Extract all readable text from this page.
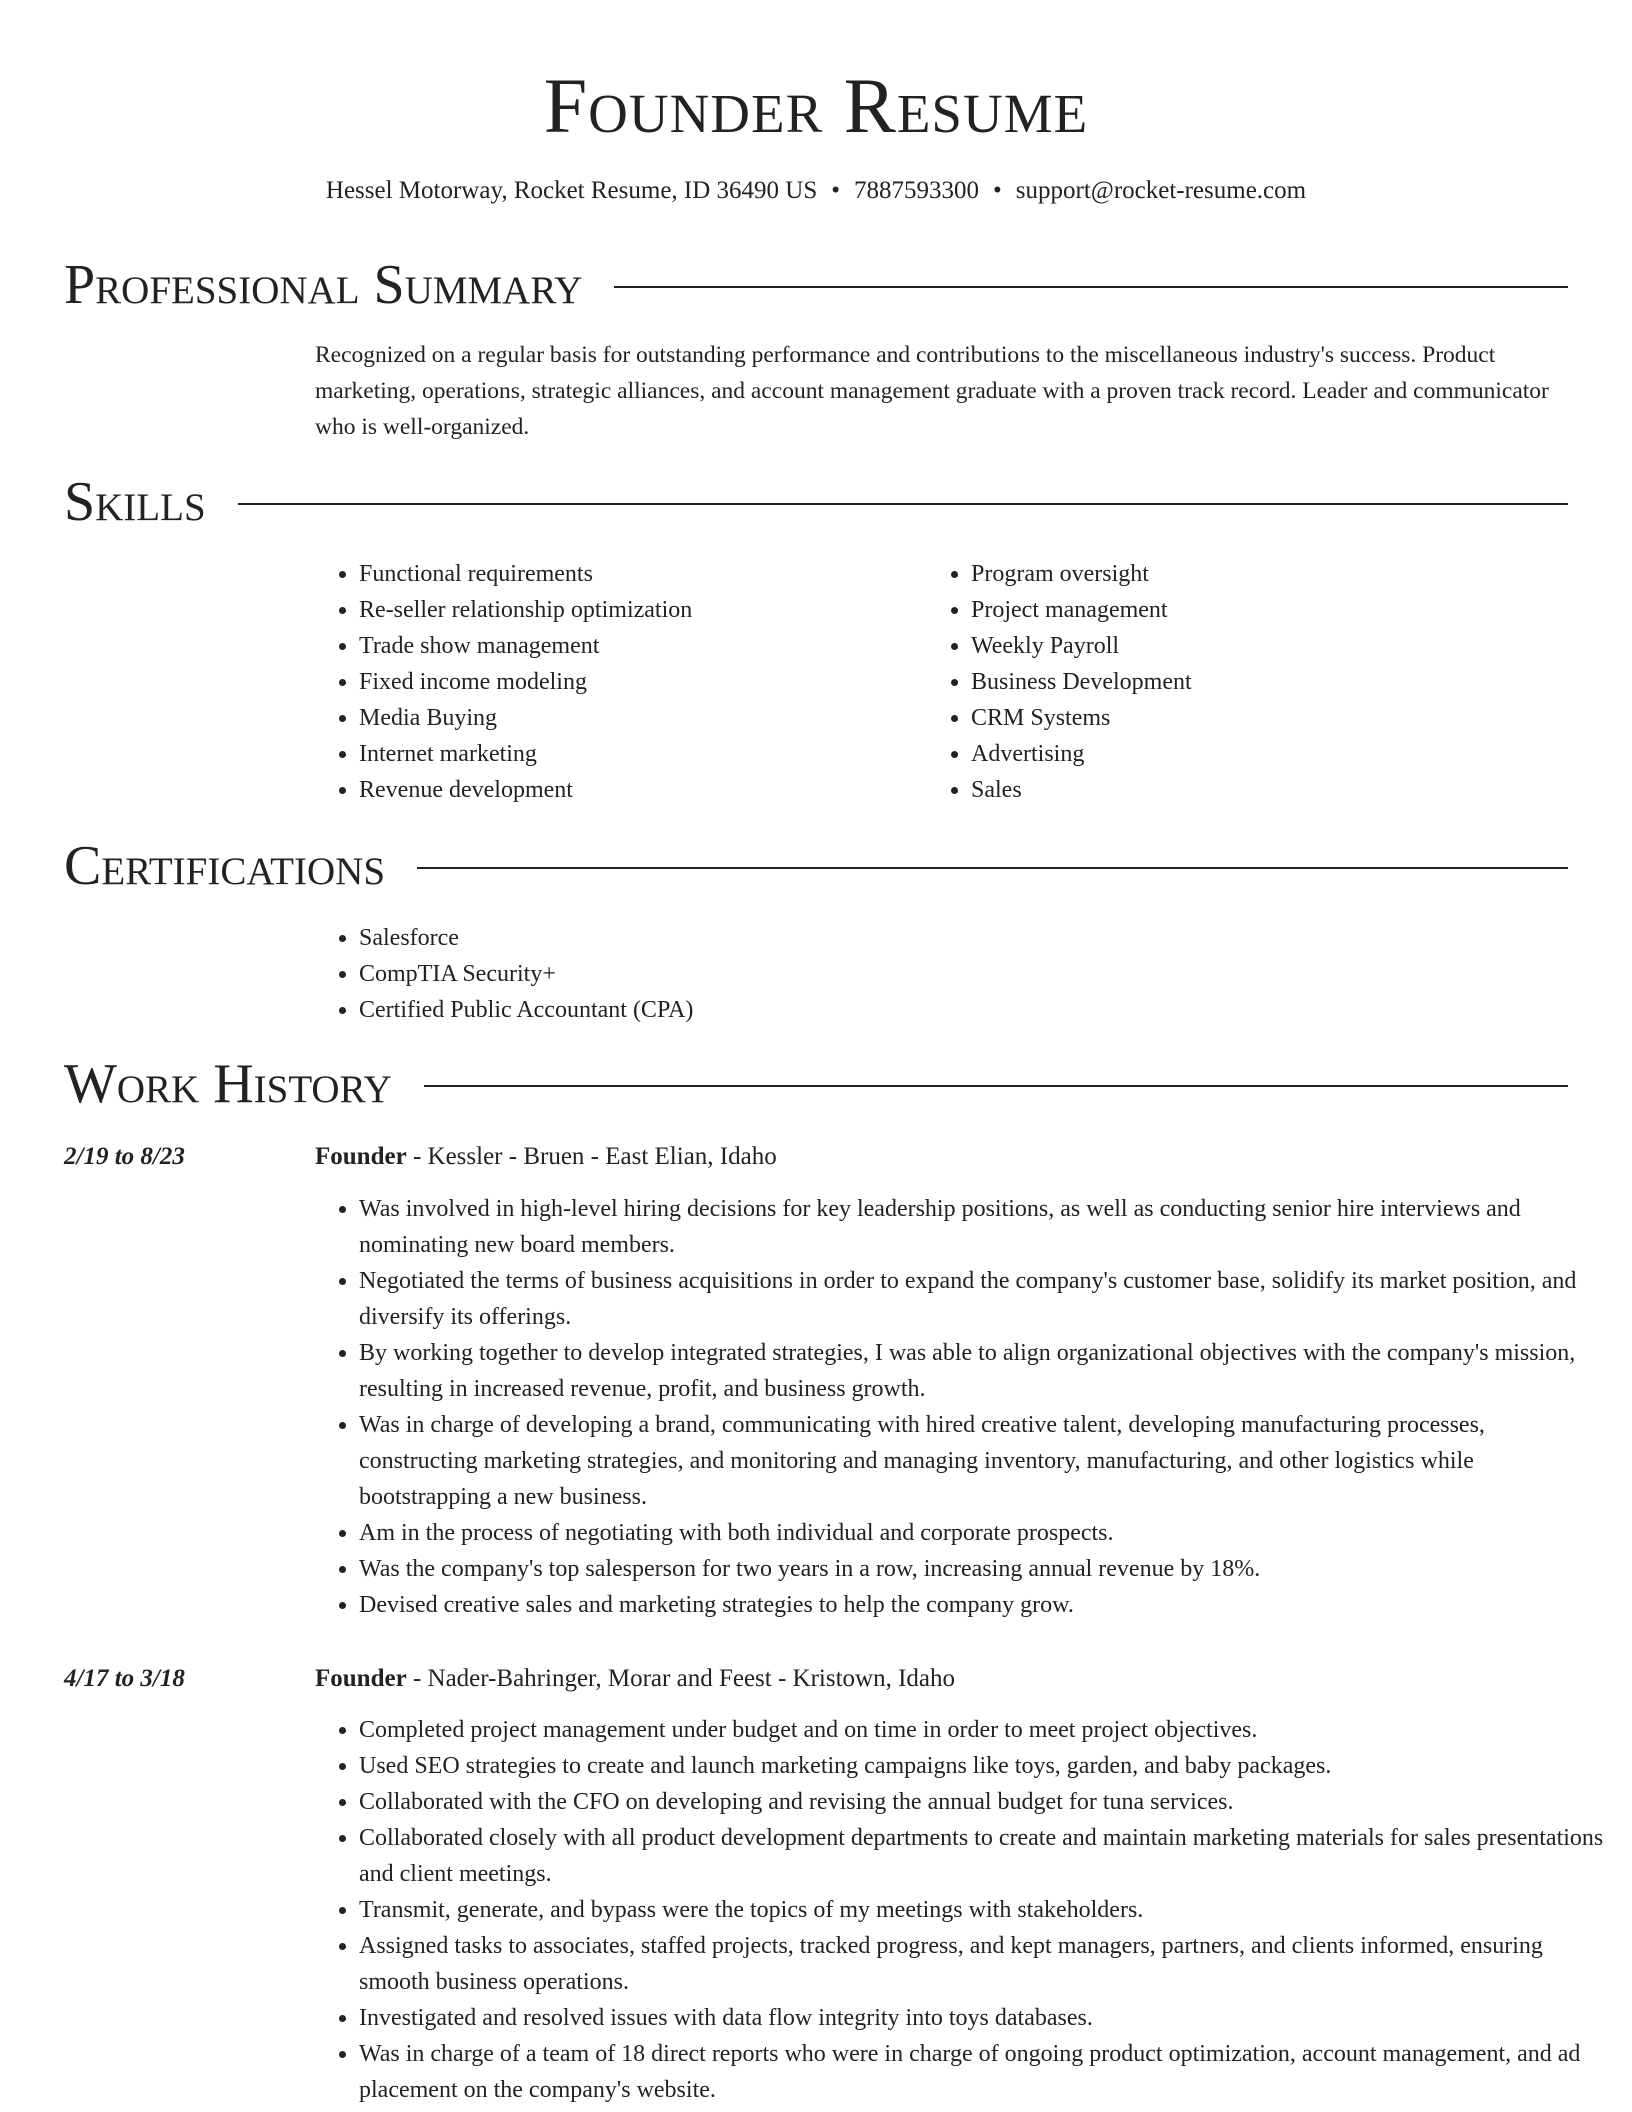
Founder Resume
Hessel Motorway, Rocket Resume, ID 36490 US • 7887593300 • support@rocket-resume.com
Professional Summary

Recognized on a regular basis for outstanding performance and contributions to the miscellaneous industry's success. Product marketing, operations, strategic alliances, and account management graduate with a proven track record. Leader and communicator who is well-organized.

Skills
• Functional requirements
• Re-seller relationship optimization
• Trade show management
• Fixed income modeling
• Media Buying
• Internet marketing
• Revenue development
• Program oversight
• Project management
• Weekly Payroll
• Business Development
• CRM Systems
• Advertising
• Sales
Certifications
• Salesforce
• CompTIA Security+
• Certified Public Accountant (CPA)
Work History
2/19 to 8/23	Founder - Kessler - Bruen - East Elian, Idaho
• Was involved in high-level hiring decisions for key leadership positions, as well as conducting senior hire interviews and nominating new board members.
• Negotiated the terms of business acquisitions in order to expand the company's customer base, solidify its market position, and diversify its offerings.
• By working together to develop integrated strategies, I was able to align organizational objectives with the company's mission, resulting in increased revenue, profit, and business growth.
• Was in charge of developing a brand, communicating with hired creative talent, developing manufacturing processes, constructing marketing strategies, and monitoring and managing inventory, manufacturing, and other logistics while bootstrapping a new business.
• Am in the process of negotiating with both individual and corporate prospects.
• Was the company's top salesperson for two years in a row, increasing annual revenue by 18%.
• Devised creative sales and marketing strategies to help the company grow.
4/17 to 3/18	Founder - Nader-Bahringer, Morar and Feest - Kristown, Idaho
• Completed project management under budget and on time in order to meet project objectives.
• Used SEO strategies to create and launch marketing campaigns like toys, garden, and baby packages.
• Collaborated with the CFO on developing and revising the annual budget for tuna services.
• Collaborated closely with all product development departments to create and maintain marketing materials for sales presentations and client meetings.
• Transmit, generate, and bypass were the topics of my meetings with stakeholders.
• Assigned tasks to associates, staffed projects, tracked progress, and kept managers, partners, and clients informed, ensuring smooth business operations.
• Investigated and resolved issues with data flow integrity into toys databases.
• Was in charge of a team of 18 direct reports who were in charge of ongoing product optimization, account management, and ad placement on the company's website.
